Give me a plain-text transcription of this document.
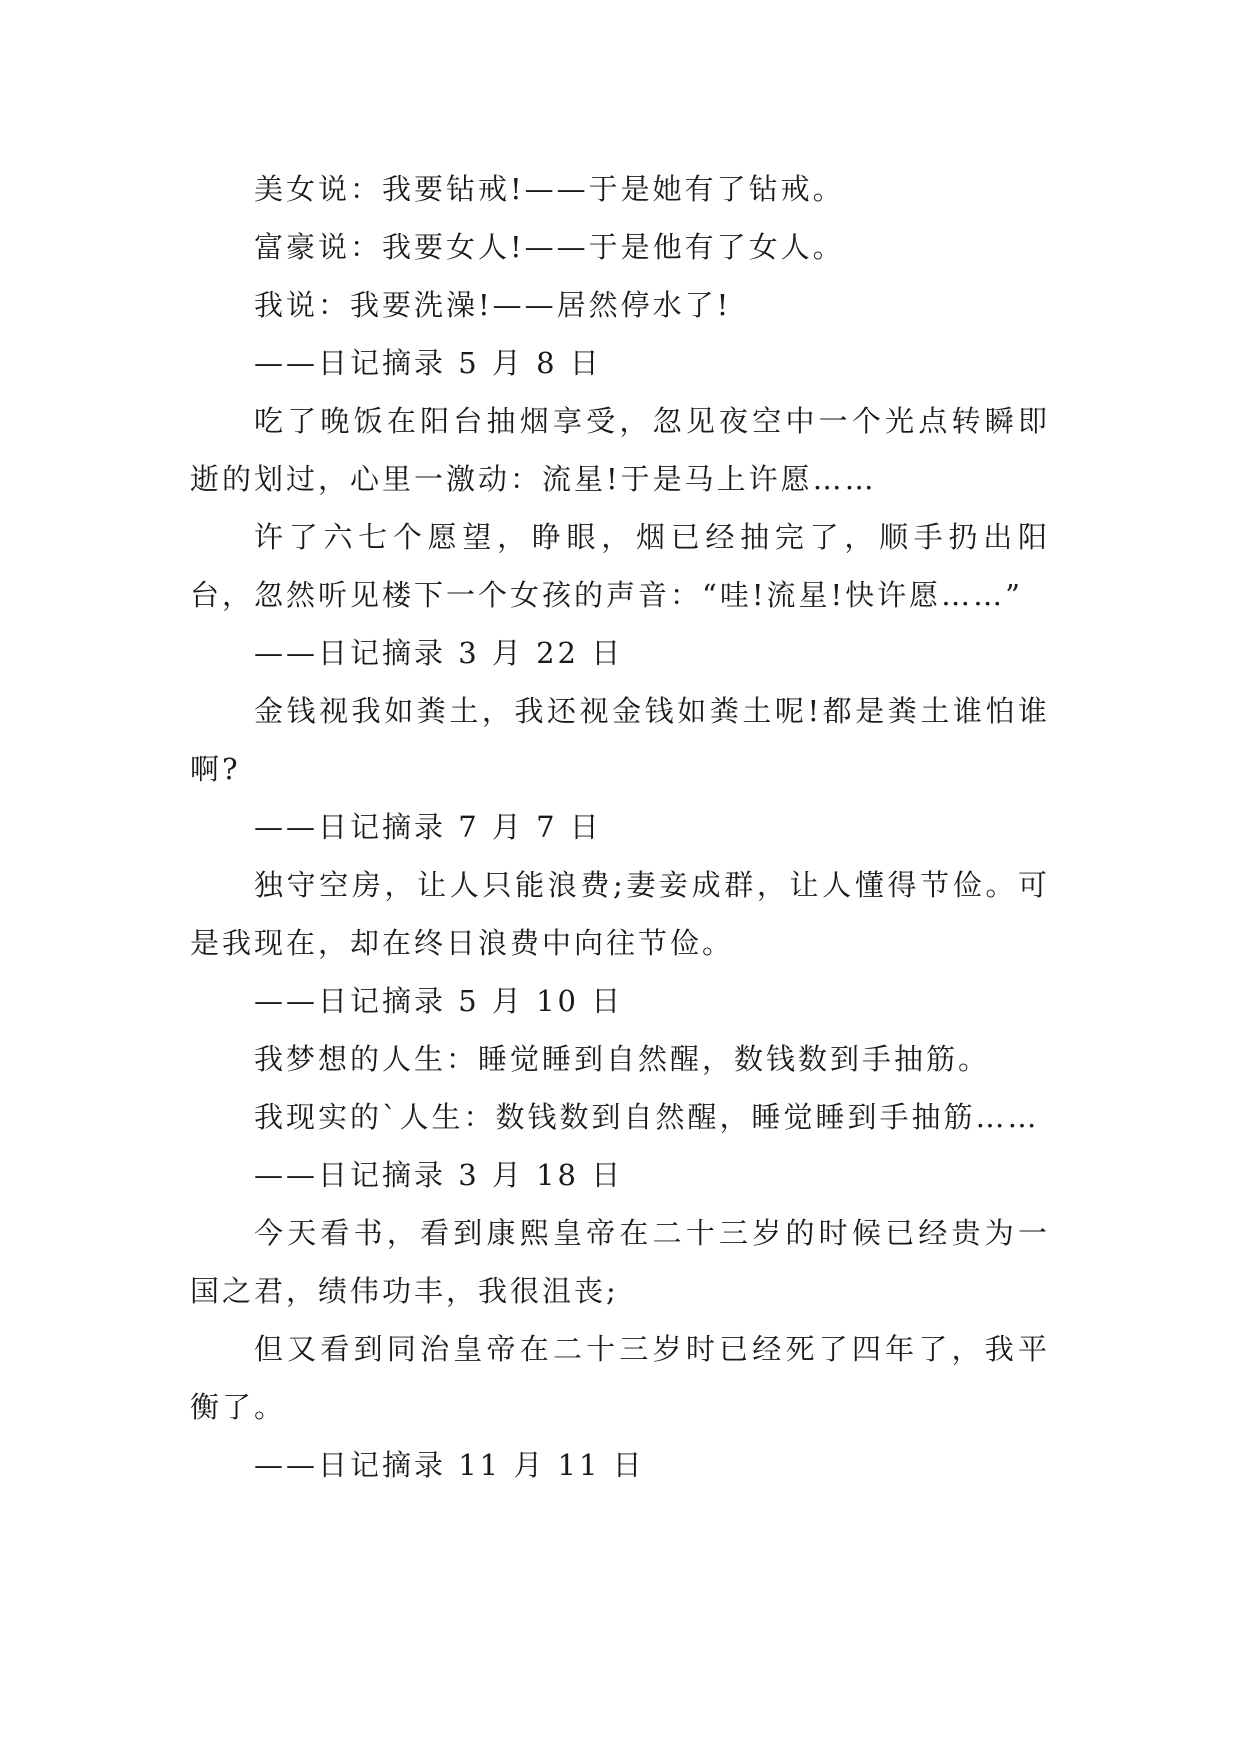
美女说：我要钻戒!——于是她有了钻戒。

富豪说：我要女人!——于是他有了女人。

我说：我要洗澡!——居然停水了!

——日记摘录 5 月 8 日

吃了晚饭在阳台抽烟享受，忽见夜空中一个光点转瞬即逝的划过，心里一激动：流星!于是马上许愿……

许了六七个愿望，睁眼，烟已经抽完了，顺手扔出阳台，忽然听见楼下一个女孩的声音：“哇!流星!快许愿……”

——日记摘录 3 月 22 日

金钱视我如粪土，我还视金钱如粪土呢!都是粪土谁怕谁啊?

——日记摘录 7 月 7 日

独守空房，让人只能浪费;妻妾成群，让人懂得节俭。可是我现在，却在终日浪费中向往节俭。

——日记摘录 5 月 10 日

我梦想的人生：睡觉睡到自然醒，数钱数到手抽筋。

我现实的`人生：数钱数到自然醒，睡觉睡到手抽筋……

——日记摘录 3 月 18 日

今天看书，看到康熙皇帝在二十三岁的时候已经贵为一国之君，绩伟功丰，我很沮丧;

但又看到同治皇帝在二十三岁时已经死了四年了，我平衡了。

——日记摘录 11 月 11 日
